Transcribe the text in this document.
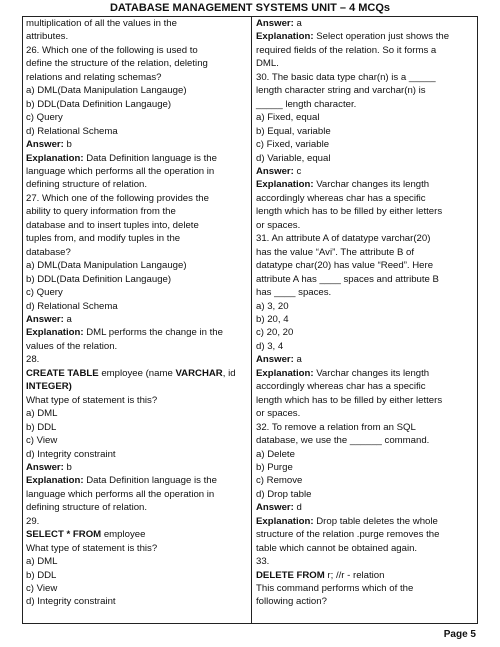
DATABASE MANAGEMENT SYSTEMS UNIT – 4 MCQs
multiplication of all the values in the
attributes.
26. Which one of the following is used to
define the structure of the relation, deleting
relations and relating schemas?
a) DML(Data Manipulation Langauge)
b) DDL(Data Definition Langauge)
c) Query
d) Relational Schema
Answer: b
Explanation: Data Definition language is the
language which performs all the operation in
defining structure of relation.
27. Which one of the following provides the
ability to query information from the
database and to insert tuples into, delete
tuples from, and modify tuples in the
database?
a) DML(Data Manipulation Langauge)
b) DDL(Data Definition Langauge)
c) Query
d) Relational Schema
Answer: a
Explanation: DML performs the change in the
values of the relation.
28.
CREATE TABLE employee (name VARCHAR, id
INTEGER)
What type of statement is this?
a) DML
b) DDL
c) View
d) Integrity constraint
Answer: b
Explanation: Data Definition language is the
language which performs all the operation in
defining structure of relation.
29.
SELECT * FROM employee
What type of statement is this?
a) DML
b) DDL
c) View
d) Integrity constraint
Answer: a
Explanation: Select operation just shows the
required fields of the relation. So it forms a
DML.
30. The basic data type char(n) is a _____
length character string and varchar(n) is
_____ length character.
a) Fixed, equal
b) Equal, variable
c) Fixed, variable
d) Variable, equal
Answer: c
Explanation: Varchar changes its length
accordingly whereas char has a specific
length which has to be filled by either letters
or spaces.
31. An attribute A of datatype varchar(20)
has the value “Avi”. The attribute B of
datatype char(20) has value “Reed”. Here
attribute A has ____ spaces and attribute B
has ____ spaces.
a) 3, 20
b) 20, 4
c) 20, 20
d) 3, 4
Answer: a
Explanation: Varchar changes its length
accordingly whereas char has a specific
length which has to be filled by either letters
or spaces.
32. To remove a relation from an SQL
database, we use the ______ command.
a) Delete
b) Purge
c) Remove
d) Drop table
Answer: d
Explanation: Drop table deletes the whole
structure of the relation .purge removes the
table which cannot be obtained again.
33.
DELETE FROM r; //r - relation
This command performs which of the
following action?
Page 5
